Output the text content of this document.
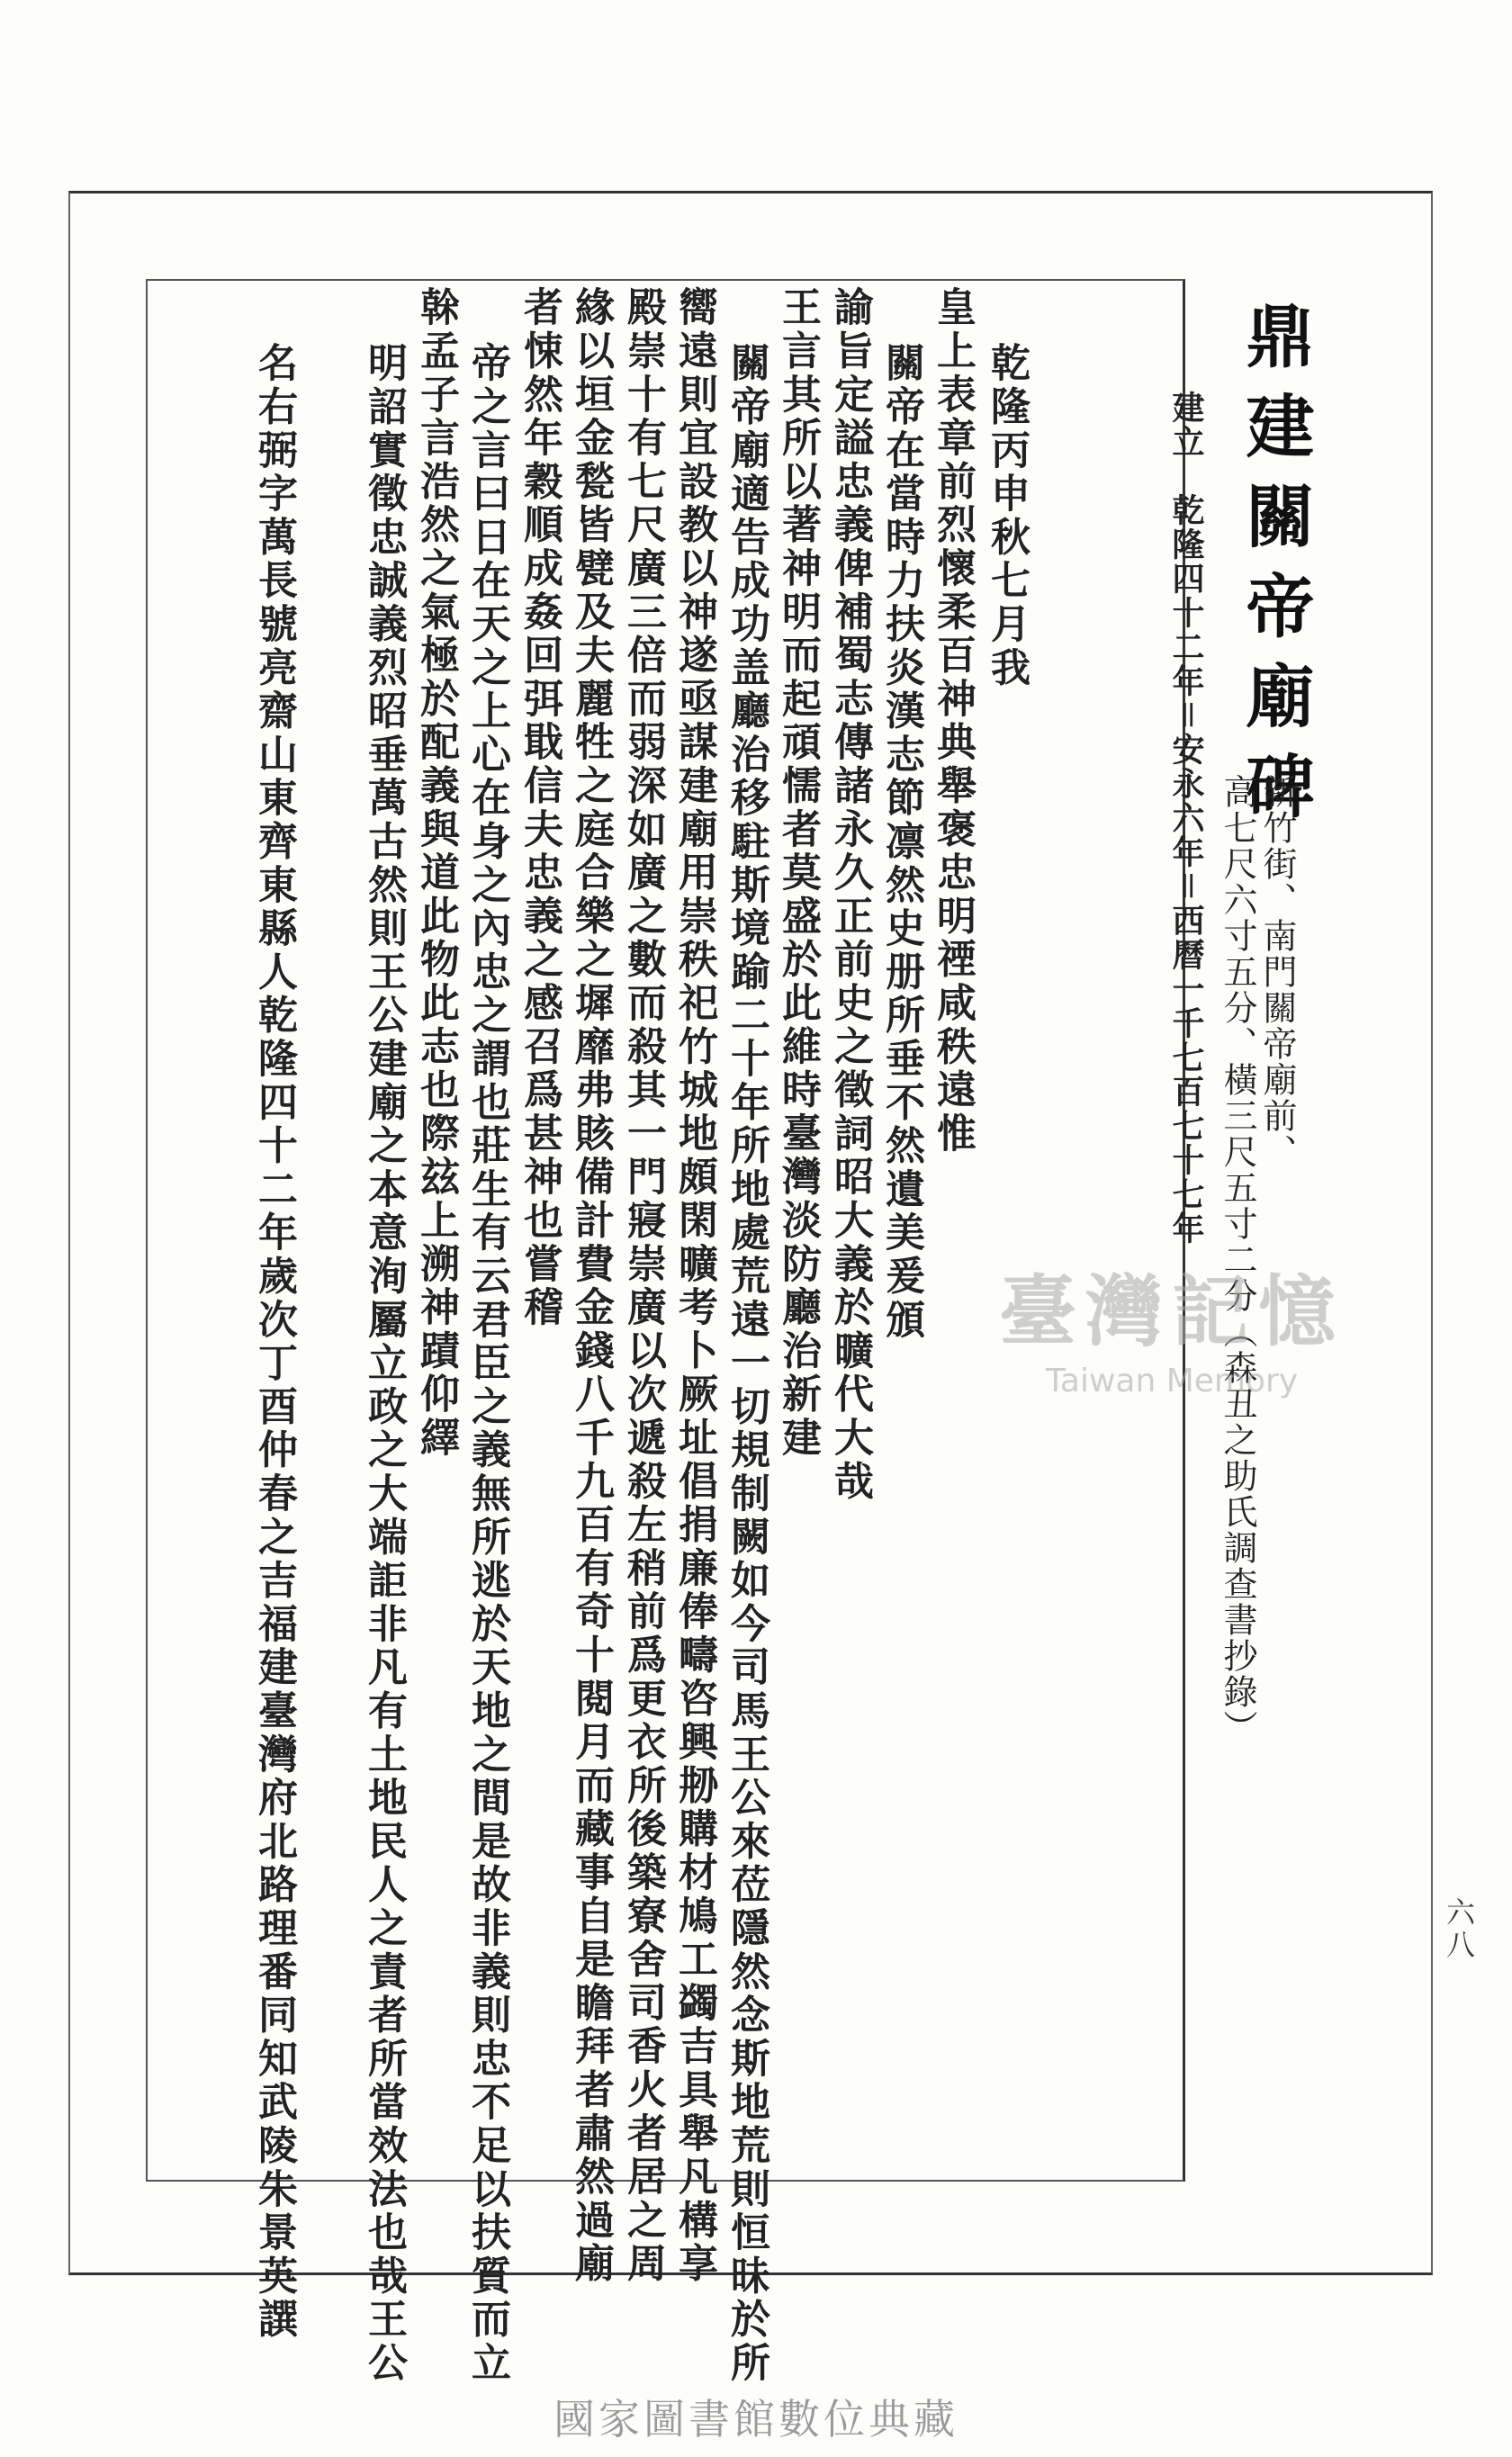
鼎建關帝廟碑
新竹街、南門關帝廟前、
高七尺六寸五分、橫三尺五寸二分（森丑之助氏調查書抄錄）
建立　乾隆四十二年＝安永六年＝西曆一千七百七十七年
乾隆丙申秋七月我
皇上表章前烈懷柔百神典舉褒忠明禋咸秩遠惟
關帝在當時力扶炎漢志節凛然史册所垂不然遺美爰頒
諭旨定謚忠義俾補蜀志傳諸永久正前史之徵詞昭大義於曠代大哉
王言其所以著神明而起頑懦者莫盛於此維時臺灣淡防廳治新建
關帝廟適告成功盖廳治移駐斯境踰二十年所地處荒遠一切規制闕如今司馬王公來莅隱然念斯地荒則恒昧於所
嚮遠則宜設教以神遂亟謀建廟用崇秩祀竹城地頗閑曠考卜厥址倡捐廉俸疇咨興刱購材鳩工蠲吉具舉凡構享
殿崇十有七尺廣三倍而弱深如廣之數而殺其一門寢崇廣以次遞殺左稍前爲更衣所後築寮舍司香火者居之周
緣以垣金甃皆甓及夫麗牲之庭合樂之墀靡弗賅備計費金錢八千九百有奇十閱月而藏事自是瞻拜者肅然過廟
者悚然年穀順成姦回弭戢信夫忠義之感召爲甚神也嘗稽
帝之言曰日在天之上心在身之內忠之謂也莊生有云君臣之義無所逃於天地之間是故非義則忠不足以扶質而立
榦孟子言浩然之氣極於配義與道此物此志也際玆上溯神蹟仰繹
明詔實徵忠誠義烈昭垂萬古然則王公建廟之本意洵屬立政之大端詎非凡有土地民人之責者所當效法也哉王公
名右弼字萬長號亮齋山東齊東縣人乾隆四十二年歲次丁酉仲春之吉福建臺灣府北路理番同知武陵朱景英譔	六八
臺灣記憶
Taiwan Memory
國家圖書館數位典藏
